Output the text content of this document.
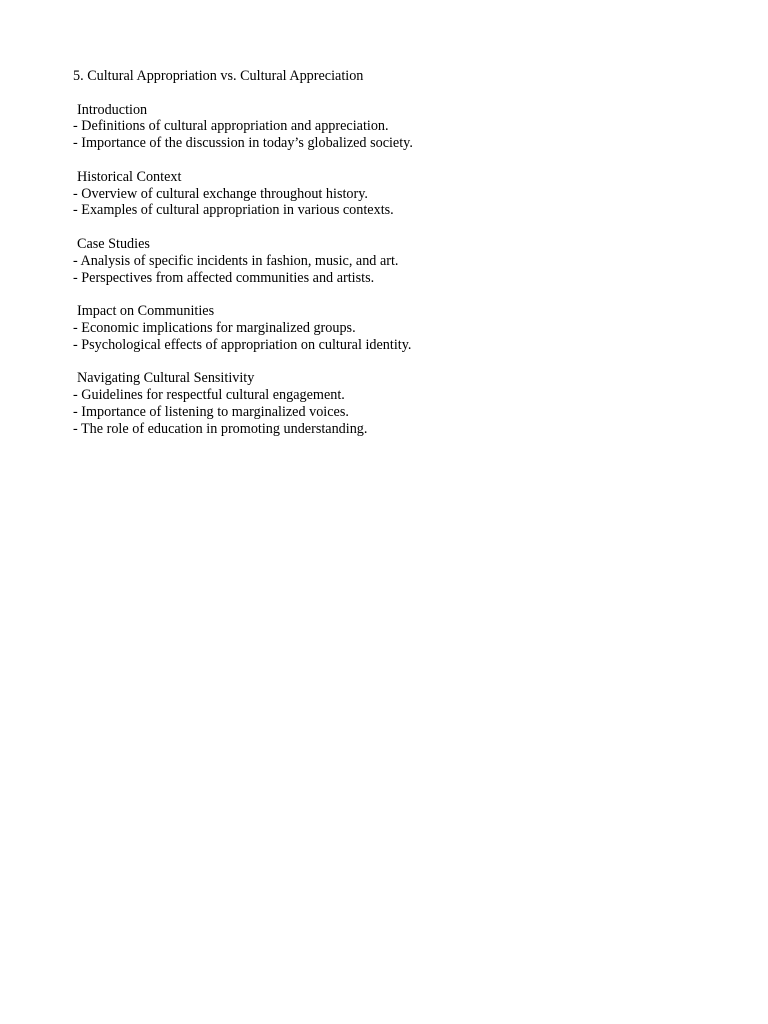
5. Cultural Appropriation vs. Cultural Appreciation
Introduction
- Definitions of cultural appropriation and appreciation.
- Importance of the discussion in today’s globalized society.
Historical Context
- Overview of cultural exchange throughout history.
- Examples of cultural appropriation in various contexts.
Case Studies
- Analysis of specific incidents in fashion, music, and art.
- Perspectives from affected communities and artists.
Impact on Communities
- Economic implications for marginalized groups.
- Psychological effects of appropriation on cultural identity.
Navigating Cultural Sensitivity
- Guidelines for respectful cultural engagement.
- Importance of listening to marginalized voices.
- The role of education in promoting understanding.
